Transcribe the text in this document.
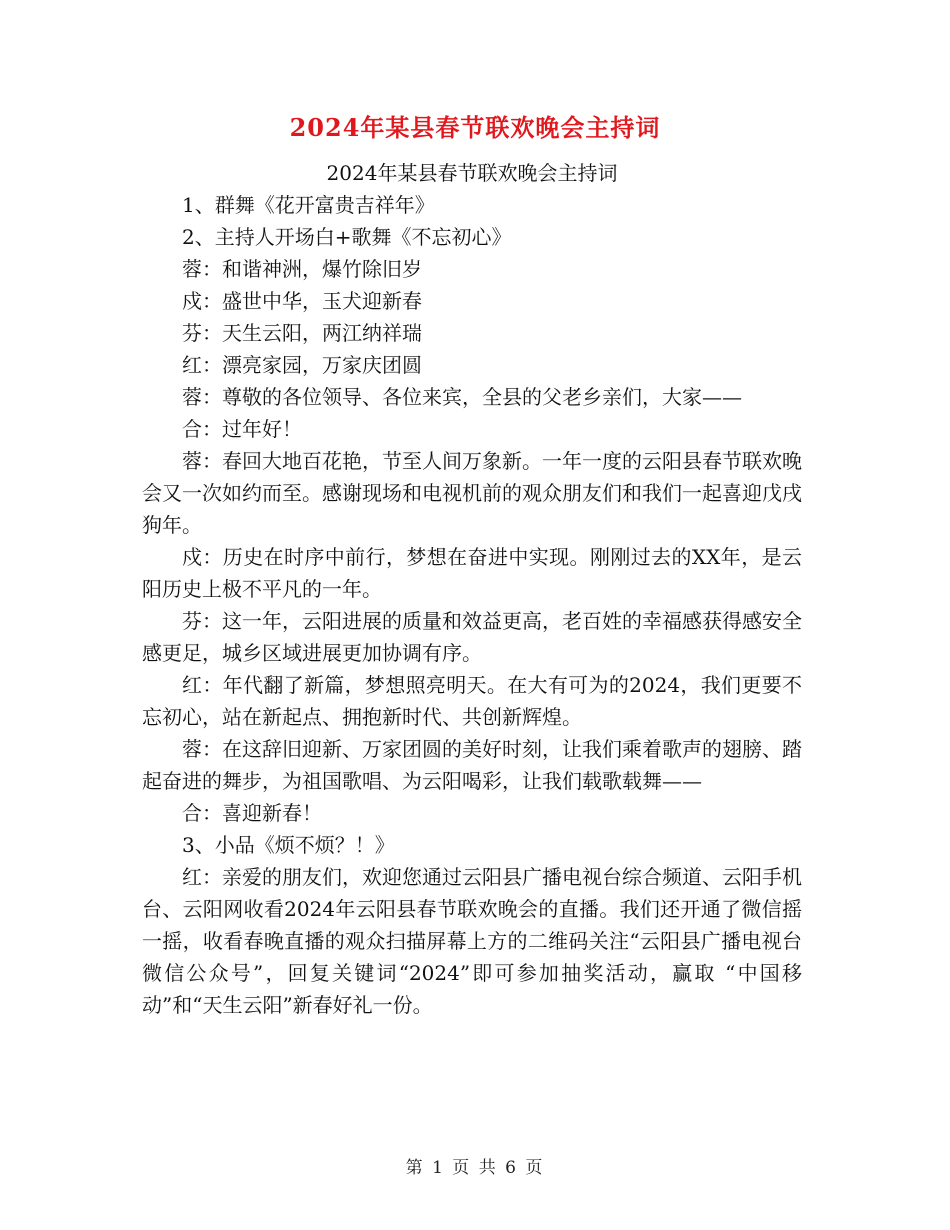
2024年某县春节联欢晚会主持词

2024年某县春节联欢晚会主持词

1、群舞《花开富贵吉祥年》

2、主持人开场白+歌舞《不忘初心》

蓉：和谐神洲，爆竹除旧岁

戍：盛世中华，玉犬迎新春

芬：天生云阳，两江纳祥瑞

红：漂亮家园，万家庆团圆

蓉：尊敬的各位领导、各位来宾，全县的父老乡亲们，大家——

合：过年好！

蓉：春回大地百花艳，节至人间万象新。一年一度的云阳县春节联欢晚会又一次如约而至。感谢现场和电视机前的观众朋友们和我们一起喜迎戊戌狗年。

戍：历史在时序中前行，梦想在奋进中实现。刚刚过去的XX年，是云阳历史上极不平凡的一年。

芬：这一年，云阳进展的质量和效益更高，老百姓的幸福感获得感安全感更足，城乡区域进展更加协调有序。

红：年代翻了新篇，梦想照亮明天。在大有可为的2024，我们更要不忘初心，站在新起点、拥抱新时代、共创新辉煌。

蓉：在这辞旧迎新、万家团圆的美好时刻，让我们乘着歌声的翅膀、踏起奋进的舞步，为祖国歌唱、为云阳喝彩，让我们载歌载舞——

合：喜迎新春！

3、小品《烦不烦？！》

红：亲爱的朋友们，欢迎您通过云阳县广播电视台综合频道、云阳手机台、云阳网收看2024年云阳县春节联欢晚会的直播。我们还开通了微信摇一摇，收看春晚直播的观众扫描屏幕上方的二维码关注“云阳县广播电视台微信公众号”，回复关键词“2024”即可参加抽奖活动，赢取 “中国移动”和“天生云阳”新春好礼一份。

第 1 页 共 6 页
